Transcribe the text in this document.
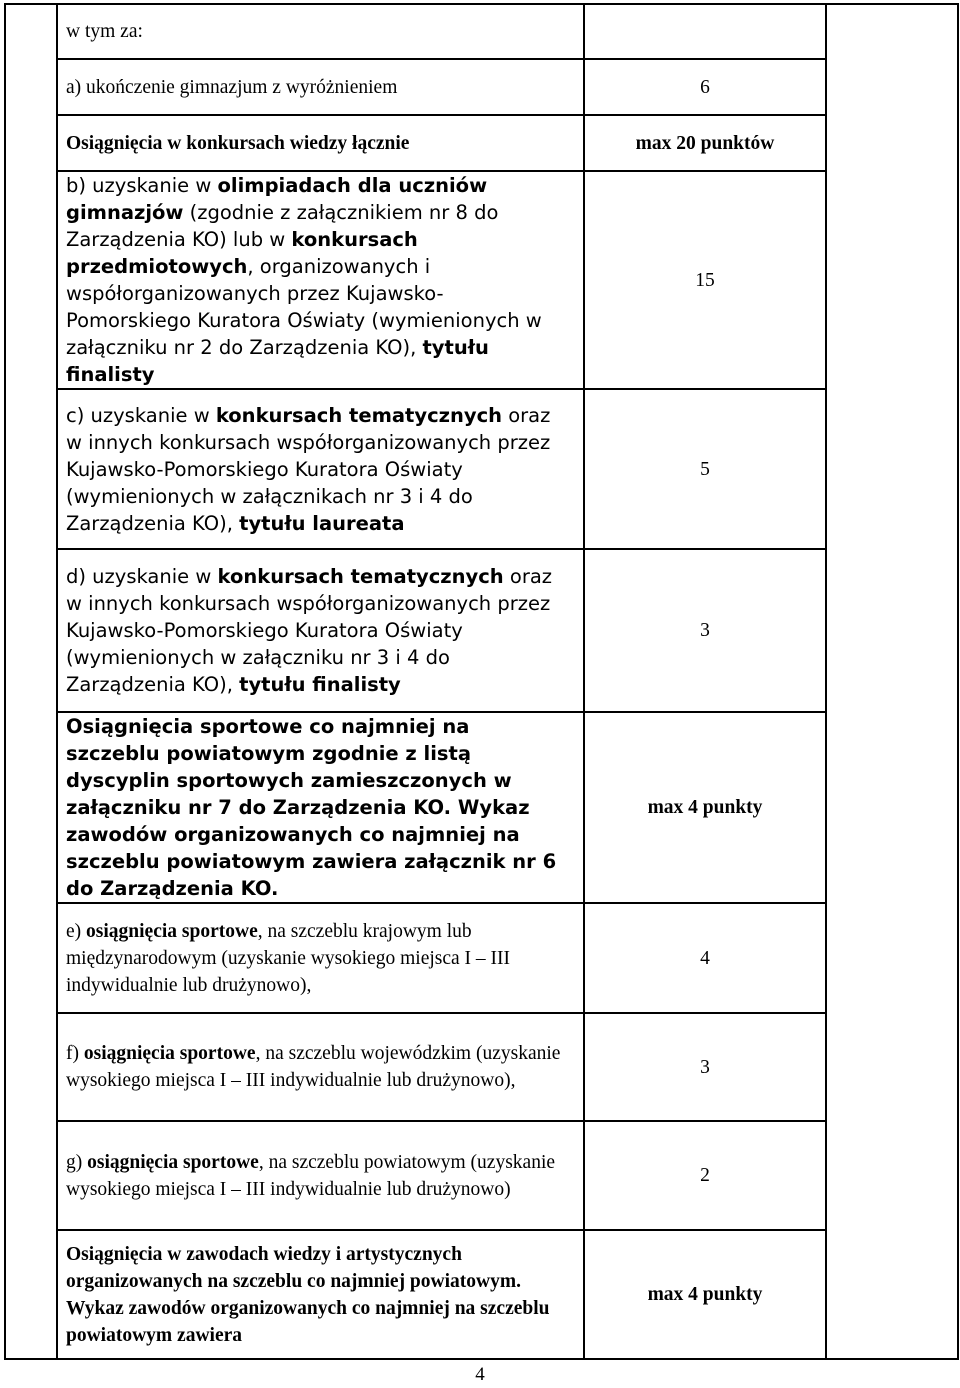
	w tym za:		
	a) ukończenie gimnazjum z wyróżnieniem	6	
	Osiągnięcia w konkursach wiedzy łącznie	max 20 punktów	
	b) uzyskanie w olimpiadach dla uczniów gimnazjów (zgodnie z załącznikiem nr 8 do Zarządzenia KO) lub w konkursach przedmiotowych, organizowanych i współorganizowanych przez Kujawsko-Pomorskiego Kuratora Oświaty (wymienionych w załączniku nr 2 do Zarządzenia KO), tytułu finalisty	15	
	c) uzyskanie w konkursach tematycznych oraz w innych konkursach współorganizowanych przez Kujawsko-Pomorskiego Kuratora Oświaty (wymienionych w załącznikach nr 3 i 4 do Zarządzenia KO), tytułu laureata	5	
	d) uzyskanie w konkursach tematycznych oraz w innych konkursach współorganizowanych przez Kujawsko-Pomorskiego Kuratora Oświaty (wymienionych w załączniku nr 3 i 4 do Zarządzenia KO), tytułu finalisty	3	
	Osiągnięcia sportowe co najmniej na szczeblu powiatowym zgodnie z listą dyscyplin sportowych zamieszczonych w załączniku nr 7 do Zarządzenia KO. Wykaz zawodów organizowanych co najmniej na szczeblu powiatowym zawiera załącznik nr 6 do Zarządzenia KO.	max 4 punkty	
	e) osiągnięcia sportowe, na szczeblu krajowym lub międzynarodowym (uzyskanie wysokiego miejsca I – III indywidualnie lub drużynowo),	4	
	f) osiągnięcia sportowe, na szczeblu wojewódzkim (uzyskanie wysokiego miejsca I – III indywidualnie lub drużynowo),	3	
	g) osiągnięcia sportowe, na szczeblu powiatowym (uzyskanie wysokiego miejsca I – III indywidualnie lub drużynowo)	2	
	Osiągnięcia w zawodach wiedzy i artystycznych organizowanych na szczeblu co najmniej powiatowym. Wykaz zawodów organizowanych co najmniej na szczeblu powiatowym zawiera	max 4 punkty	
4
